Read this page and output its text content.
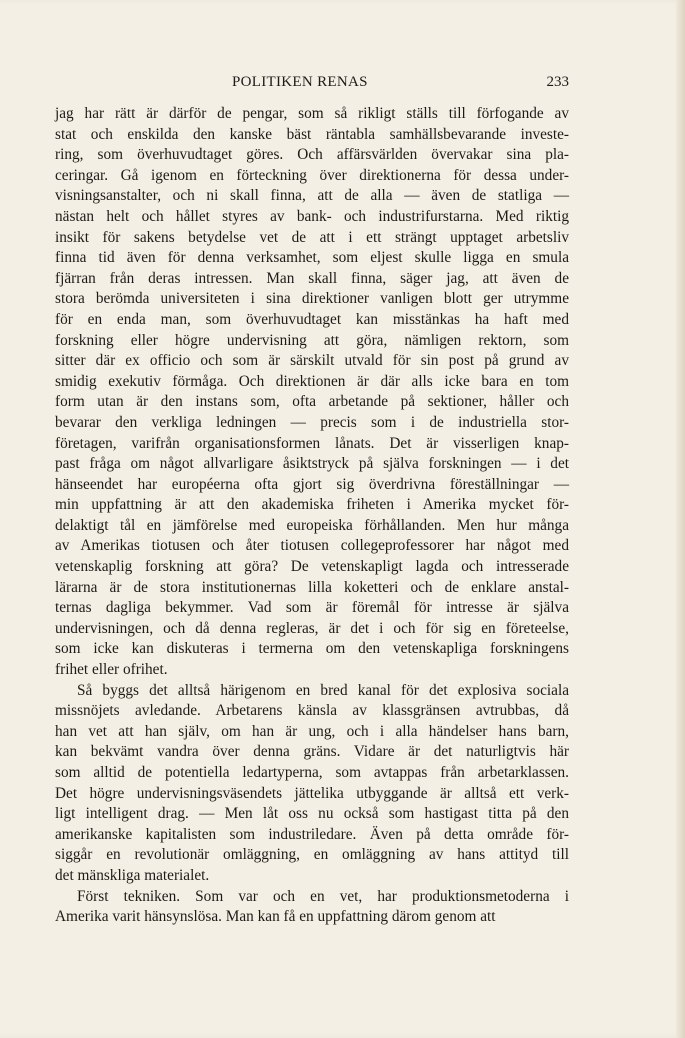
POLITIKEN RENAS	233
jag har rätt är därför de pengar, som så rikligt ställs till förfogande av
stat och enskilda den kanske bäst räntabla samhällsbevarande investe-
ring, som överhuvudtaget göres. Och affärsvärlden övervakar sina pla-
ceringar. Gå igenom en förteckning över direktionerna för dessa under-
visningsanstalter, och ni skall finna, att de alla — även de statliga —
nästan helt och hållet styres av bank- och industrifurstarna. Med riktig
insikt för sakens betydelse vet de att i ett strängt upptaget arbetsliv
finna tid även för denna verksamhet, som eljest skulle ligga en smula
fjärran från deras intressen. Man skall finna, säger jag, att även de
stora berömda universiteten i sina direktioner vanligen blott ger utrymme
för en enda man, som överhuvudtaget kan misstänkas ha haft med
forskning eller högre undervisning att göra, nämligen rektorn, som
sitter där ex officio och som är särskilt utvald för sin post på grund av
smidig exekutiv förmåga. Och direktionen är där alls icke bara en tom
form utan är den instans som, ofta arbetande på sektioner, håller och
bevarar den verkliga ledningen — precis som i de industriella stor-
företagen, varifrån organisationsformen lånats. Det är visserligen knap-
past fråga om något allvarligare åsiktstryck på själva forskningen — i det
hänseendet har européerna ofta gjort sig överdrivna föreställningar —
min uppfattning är att den akademiska friheten i Amerika mycket för-
delaktigt tål en jämförelse med europeiska förhållanden. Men hur många
av Amerikas tiotusen och åter tiotusen collegeprofessorer har något med
vetenskaplig forskning att göra? De vetenskapligt lagda och intresserade
lärarna är de stora institutionernas lilla koketteri och de enklare anstal-
ternas dagliga bekymmer. Vad som är föremål för intresse är själva
undervisningen, och då denna regleras, är det i och för sig en företeelse,
som icke kan diskuteras i termerna om den vetenskapliga forskningens
frihet eller ofrihet.
Så byggs det alltså härigenom en bred kanal för det explosiva sociala
missnöjets avledande. Arbetarens känsla av klassgränsen avtrubbas, då
han vet att han själv, om han är ung, och i alla händelser hans barn,
kan bekvämt vandra över denna gräns. Vidare är det naturligtvis här
som alltid de potentiella ledartyperna, som avtappas från arbetarklassen.
Det högre undervisningsväsendets jättelika utbyggande är alltså ett verk-
ligt intelligent drag. — Men låt oss nu också som hastigast titta på den
amerikanske kapitalisten som industriledare. Även på detta område för-
siggår en revolutionär omläggning, en omläggning av hans attityd till
det mänskliga materialet.
Först tekniken. Som var och en vet, har produktionsmetoderna i
Amerika varit hänsynslösa. Man kan få en uppfattning därom genom att
